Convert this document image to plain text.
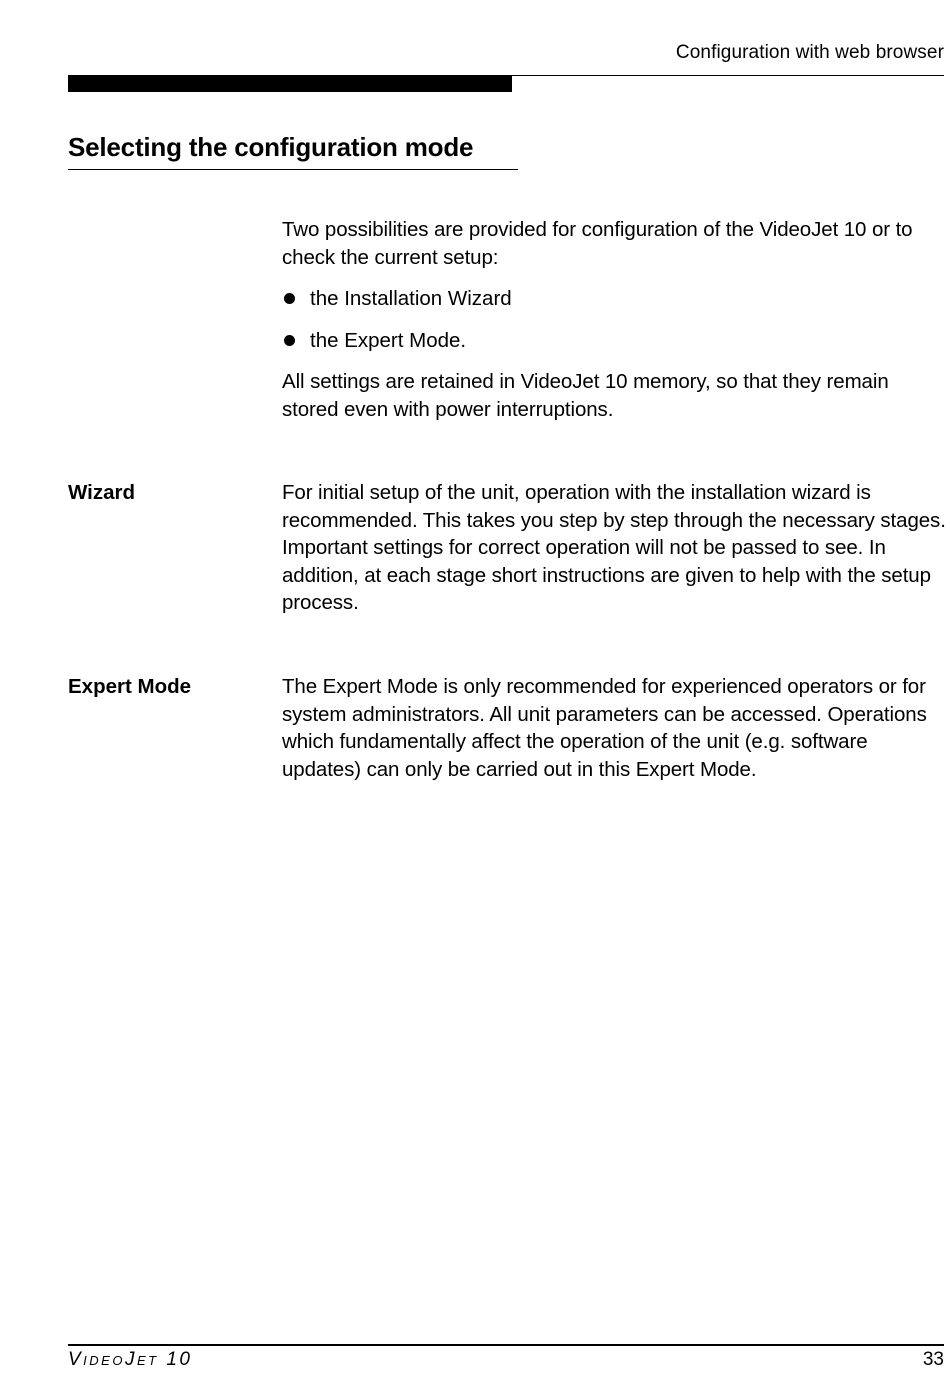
Configuration with web browser
Selecting the configuration mode
Two possibilities are provided for configuration of the VideoJet 10 or to check the current setup:
the Installation Wizard
the Expert Mode.
All settings are retained in VideoJet 10 memory, so that they remain stored even with power interruptions.
Wizard	For initial setup of the unit, operation with the installation wizard is recommended. This takes you step by step through the necessary stages. Important settings for correct operation will not be passed to see. In addition, at each stage short instructions are given to help with the setup process.
Expert Mode	The Expert Mode is only recommended for experienced operators or for system administrators. All unit parameters can be accessed. Operations which fundamentally affect the operation of the unit (e.g. software updates) can only be carried out in this Expert Mode.
VideoJet 10	33
